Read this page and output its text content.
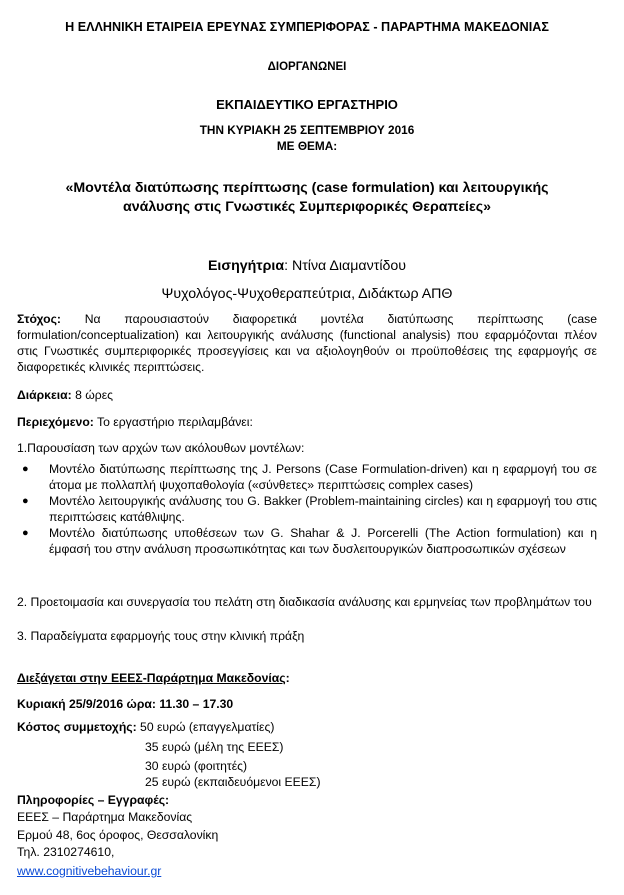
Η ΕΛΛΗΝΙΚΗ ΕΤΑΙΡΕΙΑ ΕΡΕΥΝΑΣ ΣΥΜΠΕΡΙΦΟΡΑΣ - ΠΑΡΑΡΤΗΜΑ ΜΑΚΕΔΟΝΙΑΣ
ΔΙΟΡΓΑΝΩΝΕΙ
ΕΚΠΑΙΔΕΥΤΙΚΟ ΕΡΓΑΣΤΗΡΙΟ
ΤΗΝ ΚΥΡΙΑΚΗ 25 ΣΕΠΤΕΜΒΡΙΟΥ 2016
ΜΕ ΘΕΜΑ:
«Μοντέλα διατύπωσης περίπτωσης (case formulation) και λειτουργικής
ανάλυσης στις Γνωστικές Συμπεριφορικές Θεραπείες»
Εισηγήτρια: Ντίνα Διαμαντίδου
Ψυχολόγος-Ψυχοθεραπεύτρια, Διδάκτωρ ΑΠΘ
Στόχος: Να παρουσιαστούν διαφορετικά μοντέλα διατύπωσης περίπτωσης (case formulation/conceptualization) και λειτουργικής ανάλυσης (functional analysis) που εφαρμόζονται πλέον στις Γνωστικές συμπεριφορικές προσεγγίσεις και να αξιολογηθούν οι προϋποθέσεις της εφαρμογής σε διαφορετικές κλινικές περιπτώσεις.
Διάρκεια: 8 ώρες
Περιεχόμενο: Το εργαστήριο περιλαμβάνει:
1.Παρουσίαση των αρχών των ακόλουθων μοντέλων:
● Μοντέλο διατύπωσης περίπτωσης της J. Persons (Case Formulation-driven) και η εφαρμογή του σε άτομα με πολλαπλή ψυχοπαθολογία («σύνθετες» περιπτώσεις complex cases)
● Μοντέλο λειτουργικής ανάλυσης του G. Bakker (Problem-maintaining circles) και η εφαρμογή του στις περιπτώσεις κατάθλιψης.
● Μοντέλο διατύπωσης υποθέσεων των G. Shahar & J. Porcerelli (The Action formulation) και η έμφασή του στην ανάλυση προσωπικότητας και των δυσλειτουργικών διαπροσωπικών σχέσεων
2. Προετοιμασία και συνεργασία του πελάτη στη διαδικασία ανάλυσης και ερμηνείας των προβλημάτων του
3. Παραδείγματα εφαρμογής τους στην κλινική πράξη
Διεξάγεται στην ΕΕΕΣ-Παράρτημα Μακεδονίας:
Κυριακή 25/9/2016 ώρα: 11.30 – 17.30
Κόστος συμμετοχής: 50 ευρώ (επαγγελματίες)
35 ευρώ (μέλη της ΕΕΕΣ)
30 ευρώ (φοιτητές)
25 ευρώ (εκπαιδευόμενοι ΕΕΕΣ)
Πληροφορίες – Εγγραφές:
ΕΕΕΣ – Παράρτημα Μακεδονίας
Ερμού 48, 6ος όροφος, Θεσσαλονίκη
Τηλ. 2310274610,
www.cognitivebehaviour.gr
